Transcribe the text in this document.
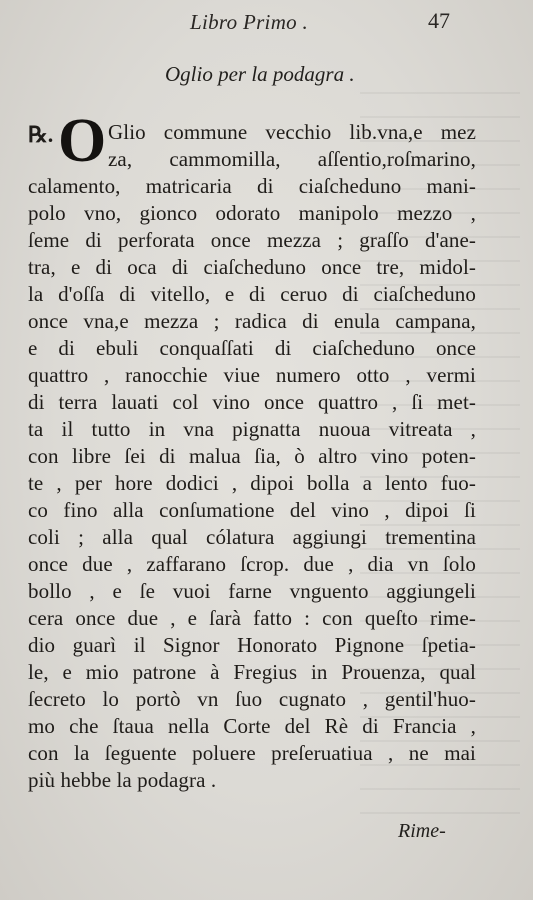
Libro Primo .	47
Oglio per la podagra .
℞. O Glio commune vecchio lib.vna,e mez
za, cammomilla, aſſentio,roſmarino,
calamento, matricaria di ciaſcheduno mani-
polo vno, gionco odorato manipolo mezzo ,
ſeme di perforata once mezza ; graſſo d'ane-
tra, e di oca di ciaſcheduno once tre, midol-
la d'oſſa di vitello, e di ceruo di ciaſcheduno
once vna,e mezza ; radica di enula campana,
e di ebuli conquaſſati di ciaſcheduno once
quattro , ranocchie viue numero otto , vermi
di terra lauati col vino once quattro , ſi met-
ta il tutto in vna pignatta nuoua vitreata ,
con libre ſei di malua ſia, ò altro vino poten-
te , per hore dodici , dipoi bolla a lento fuo-
co fino alla conſumatione del vino , dipoi ſi
coli ; alla qual cólatura aggiungi trementina
once due , zaffarano ſcrop. due , dia vn ſolo
bollo , e ſe vuoi farne vnguento aggiungeli
cera once due , e ſarà fatto : con queſto rime-
dio guarì il Signor Honorato Pignone ſpetia-
le, e mio patrone à Fregius in Prouenza, qual
ſecreto lo portò vn ſuo cugnato , gentil'huo-
mo che ſtaua nella Corte del Rè di Francia ,
con la ſeguente poluere preſeruatiua , ne mai
più hebbe la podagra .
Rime-
